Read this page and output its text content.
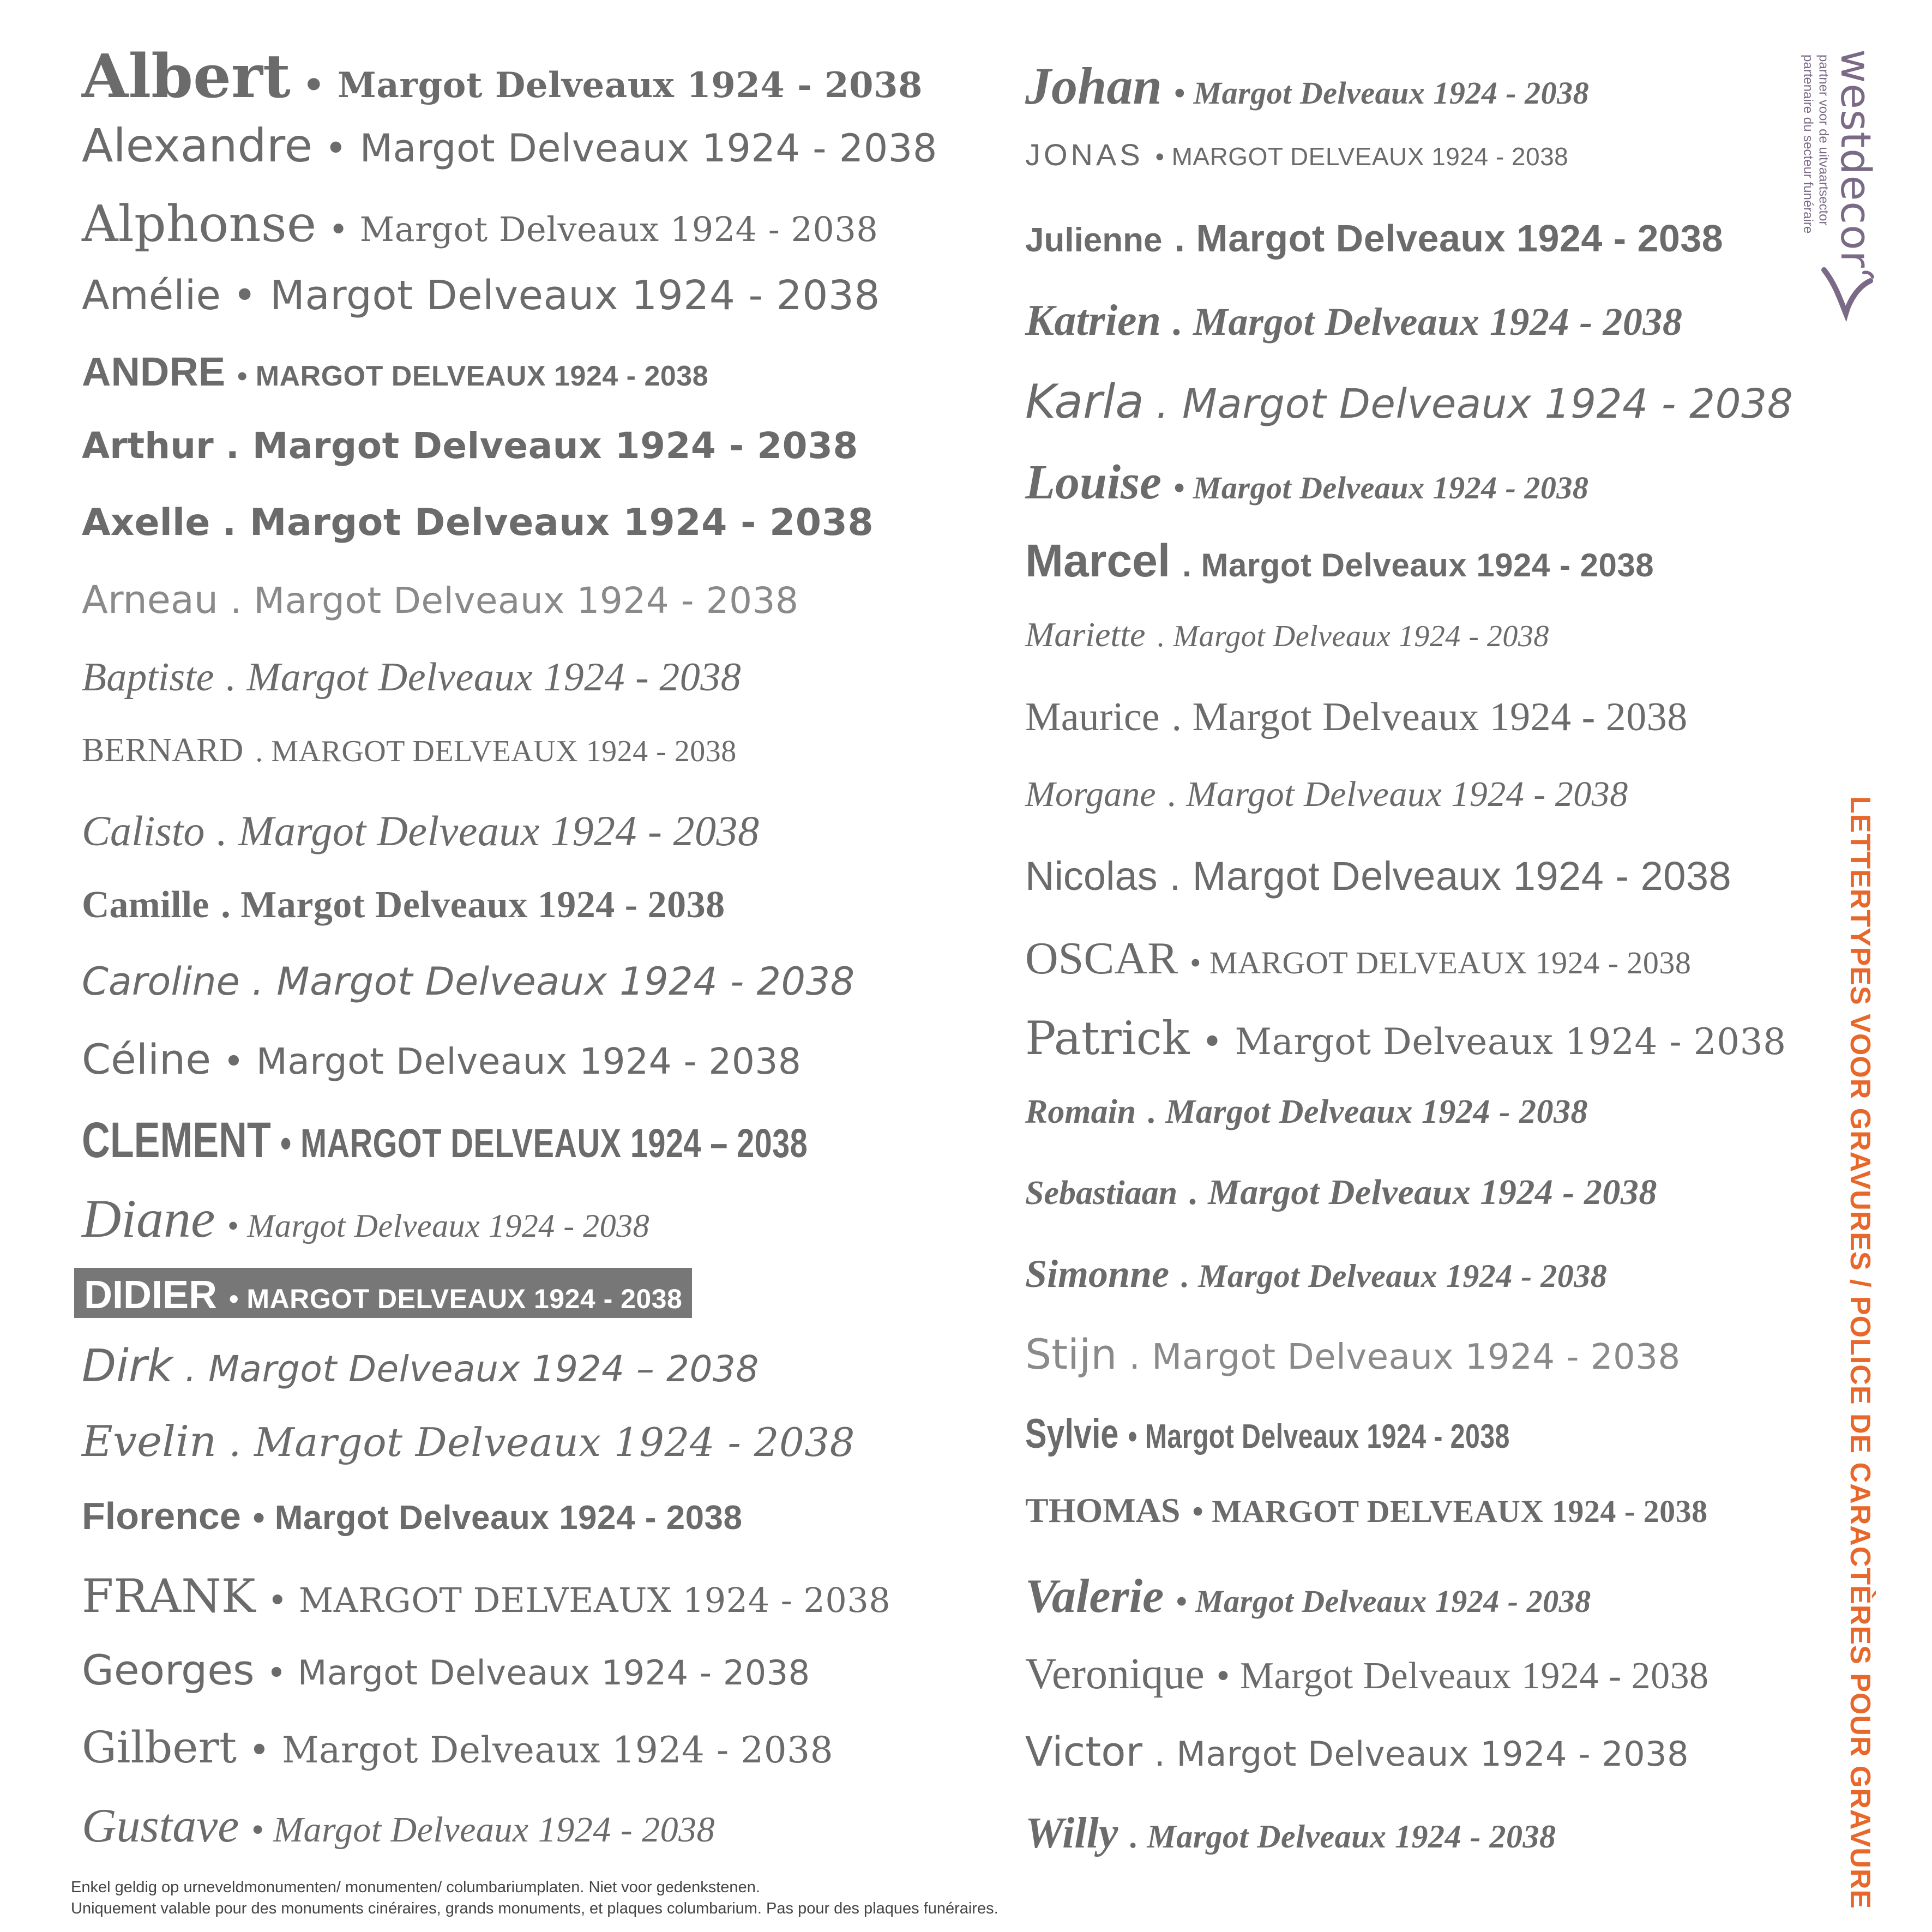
Albert • Margot Delveaux 1924 - 2038
Alexandre • Margot Delveaux 1924 - 2038
Alphonse • Margot Delveaux 1924 - 2038
Amélie • Margot Delveaux 1924 - 2038
ANDRE • MARGOT DELVEAUX 1924 - 2038
Arthur . Margot Delveaux 1924 - 2038
Axelle . Margot Delveaux 1924 - 2038
Arneau . Margot Delveaux 1924 - 2038
Baptiste . Margot Delveaux 1924 - 2038
BERNARD . MARGOT DELVEAUX 1924 - 2038
Calisto . Margot Delveaux 1924 - 2038
Camille . Margot Delveaux 1924 - 2038
Caroline . Margot Delveaux 1924 - 2038
Céline • Margot Delveaux 1924 - 2038
CLEMENT • MARGOT DELVEAUX 1924 – 2038
Diane • Margot Delveaux 1924 - 2038
DIDIER • MARGOT DELVEAUX 1924 - 2038
Dirk . Margot Delveaux 1924 – 2038
Evelin . Margot Delveaux 1924 - 2038
Florence • Margot Delveaux 1924 - 2038
FRANK • MARGOT DELVEAUX 1924 - 2038
Georges • Margot Delveaux 1924 - 2038
Gilbert • Margot Delveaux 1924 - 2038
Gustave • Margot Delveaux 1924 - 2038
Johan • Margot Delveaux 1924 - 2038
JONAS • MARGOT DELVEAUX 1924 - 2038
Julienne . Margot Delveaux 1924 - 2038
Katrien . Margot Delveaux 1924 - 2038
Karla . Margot Delveaux 1924 - 2038
Louise • Margot Delveaux 1924 - 2038
Marcel . Margot Delveaux 1924 - 2038
Mariette . Margot Delveaux 1924 - 2038
Maurice . Margot Delveaux 1924 - 2038
Morgane . Margot Delveaux 1924 - 2038
Nicolas . Margot Delveaux 1924 - 2038
OSCAR • MARGOT DELVEAUX 1924 - 2038
Patrick • Margot Delveaux 1924 - 2038
Romain . Margot Delveaux 1924 - 2038
Sebastiaan . Margot Delveaux 1924 - 2038
Simonne . Margot Delveaux 1924 - 2038
Stijn . Margot Delveaux 1924 - 2038
Sylvie • Margot Delveaux 1924 - 2038
THOMAS • MARGOT DELVEAUX 1924 - 2038
Valerie • Margot Delveaux 1924 - 2038
Veronique • Margot Delveaux 1924 - 2038
Victor . Margot Delveaux 1924 - 2038
Willy . Margot Delveaux 1924 - 2038
westdecor
partner voor de uitvaartsector
partenaire du secteur funéraire
LETTERTYPES VOOR GRAVURES / POLICE DE CARACTÈRES POUR GRAVURE
Enkel geldig op urneveldmonumenten/ monumenten/ columbariumplaten. Niet voor gedenkstenen.
Uniquement valable pour des monuments cinéraires, grands monuments, et plaques columbarium. Pas pour des plaques funéraires.
